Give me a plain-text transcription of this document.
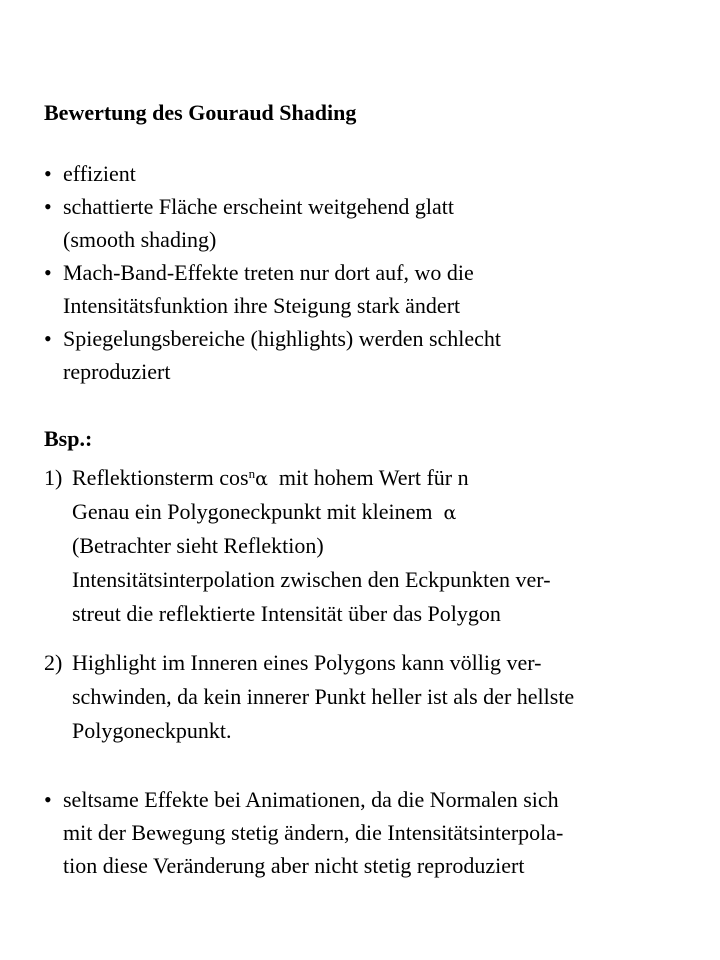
Bewertung des Gouraud Shading
• effizient
• schattierte Fläche erscheint weitgehend glatt
(smooth shading)
• Mach-Band-Effekte treten nur dort auf, wo die
Intensitätsfunktion ihre Steigung stark ändert
• Spiegelungsbereiche (highlights) werden schlecht
reproduziert
Bsp.:
1) Reflektionsterm $\cos^n\alpha$ mit hohem Wert für n
Genau ein Polygoneckpunkt mit kleinem α
(Betrachter sieht Reflektion)
Intensitätsinterpolation zwischen den Eckpunkten ver-
streut die reflektierte Intensität über das Polygon
2) Highlight im Inneren eines Polygons kann völlig ver-
schwinden, da kein innerer Punkt heller ist als der hellste
Polygoneckpunkt.
• seltsame Effekte bei Animationen, da die Normalen sich
mit der Bewegung stetig ändern, die Intensitätsinterpola-
tion diese Veränderung aber nicht stetig reproduziert
